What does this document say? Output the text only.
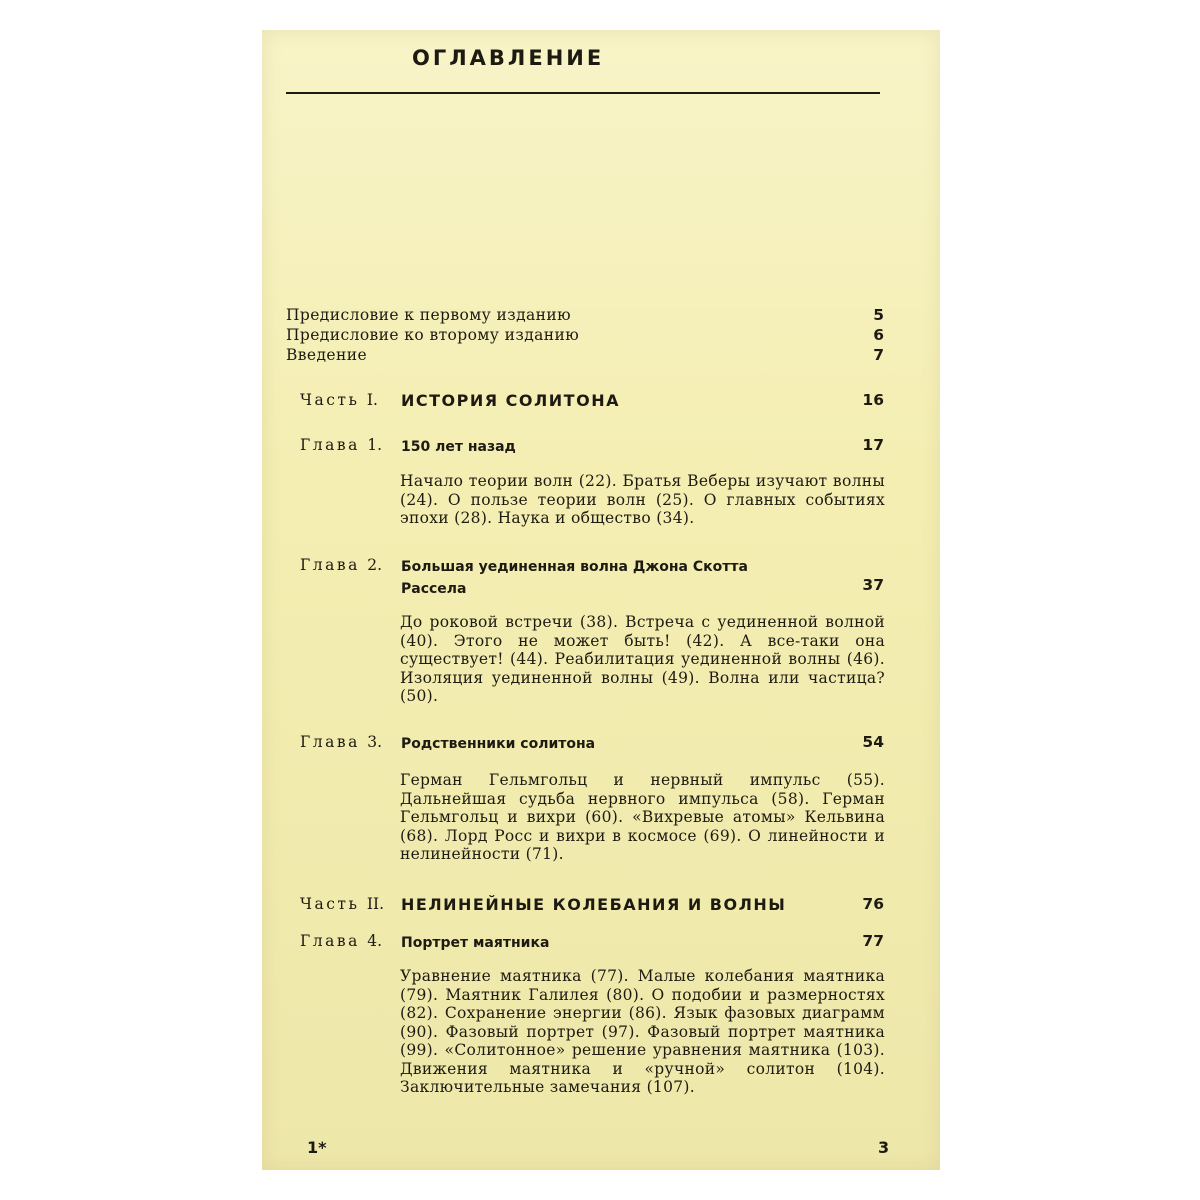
ОГЛАВЛЕНИЕ
Предисловие к первому изданию	5
Предисловие ко второму изданию	6
Введение	7
Часть I. ИСТОРИЯ СОЛИТОНА	16
Глава 1. 150 лет назад	17
Начало теории волн (22). Братья Веберы изучают волны (24). О пользе теории волн (25). О главных событиях эпохи (28). Наука и общество (34).
Глава 2. Большая уединенная волна Джона Скотта Рассела	37
До роковой встречи (38). Встреча с уединенной волной (40). Этого не может быть! (42). А все-таки она существует! (44). Реабилитация уединенной волны (46). Изоляция уединенной волны (49). Волна или частица? (50).
Глава 3. Родственники солитона	54
Герман Гельмгольц и нервный импульс (55). Дальнейшая судьба нервного импульса (58). Герман Гельмгольц и вихри (60). «Вихревые атомы» Кельвина (68). Лорд Росс и вихри в космосе (69). О линейности и нелинейности (71).
Часть II. НЕЛИНЕЙНЫЕ КОЛЕБАНИЯ И ВОЛНЫ	76
Глава 4. Портрет маятника	77
Уравнение маятника (77). Малые колебания маятника (79). Маятник Галилея (80). О подобии и размерностях (82). Сохранение энергии (86). Язык фазовых диаграмм (90). Фазовый портрет (97). Фазовый портрет маятника (99). «Солитонное» решение уравнения маятника (103). Движения маятника и «ручной» солитон (104). Заключительные замечания (107).
1*	3
